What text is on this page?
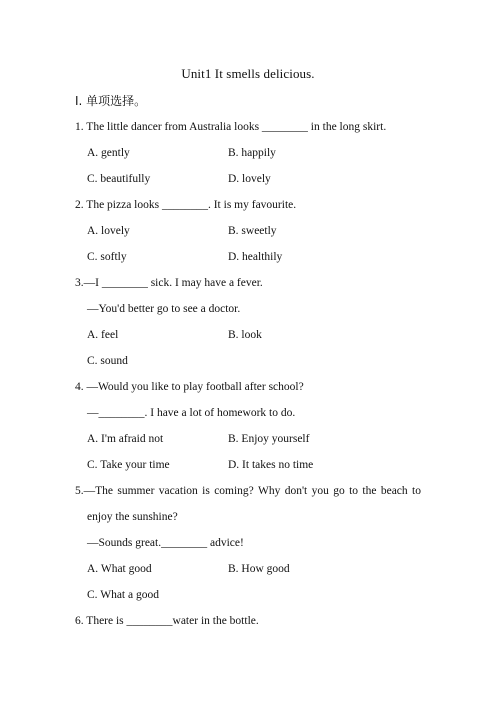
Unit1 It smells delicious.
Ⅰ. 单项选择。
1. The little dancer from Australia looks ________ in the long skirt.
A. gently	B. happily
C. beautifully	D. lovely
2. The pizza looks ________. It is my favourite.
A. lovely	B. sweetly
C. softly	D. healthily
3.—I ________ sick. I may have a fever.
—You'd better go to see a doctor.
A. feel	B. look
C. sound
4. —Would you like to play football after school?
—________. I have a lot of homework to do.
A. I'm afraid not	B. Enjoy yourself
C. Take your time	D. It takes no time
5.—The summer vacation is coming? Why don't you go to the beach to
enjoy the sunshine?
—Sounds great.________ advice!
A. What good	B. How good
C. What a good
6. There is ________water in the bottle.
